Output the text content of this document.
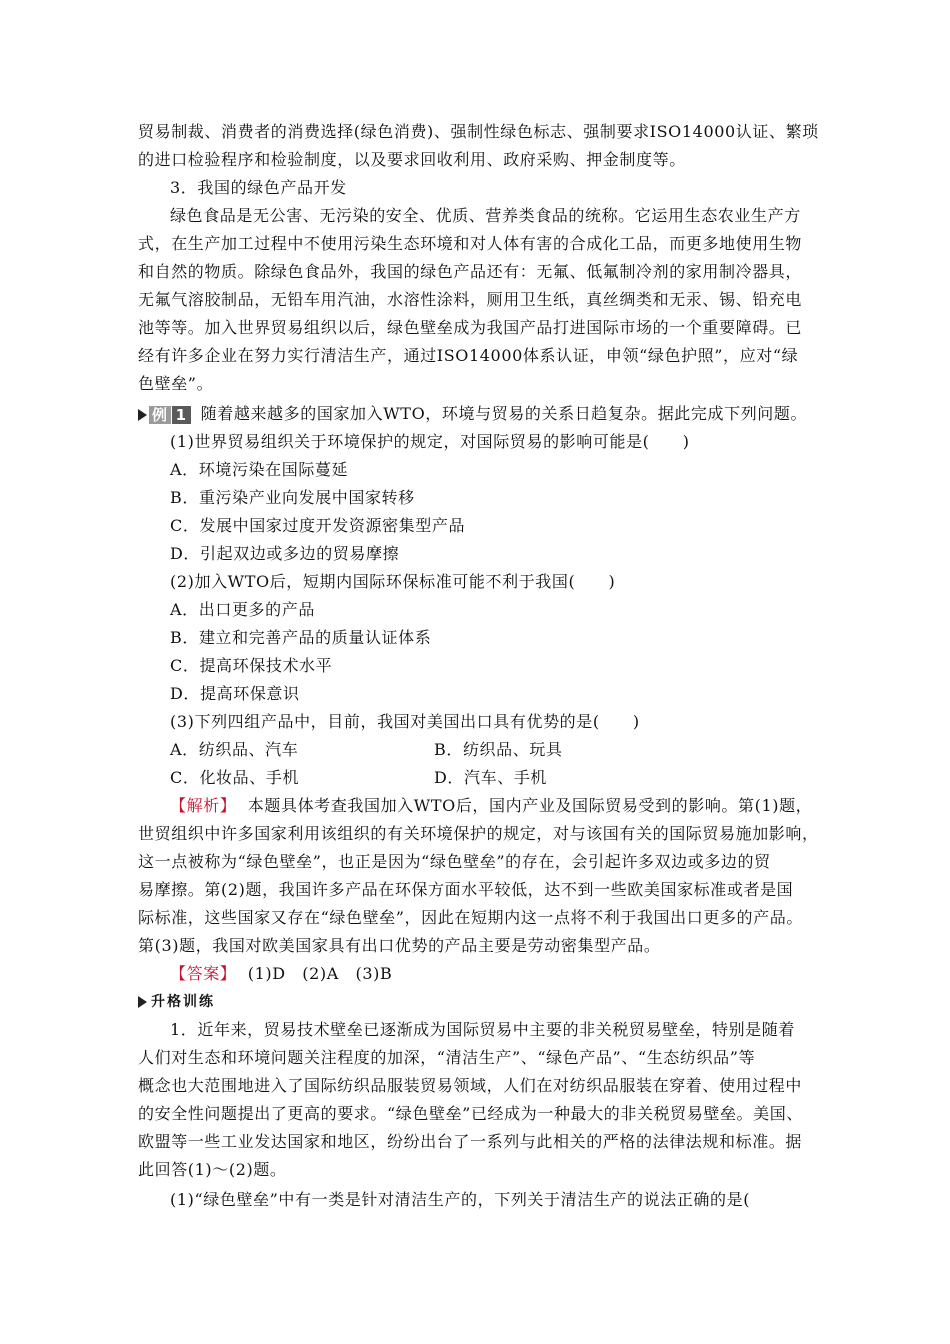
贸易制裁、消费者的消费选择(绿色消费)、强制性绿色标志、强制要求ISO14000认证、繁琐
的进口检验程序和检验制度，以及要求回收利用、政府采购、押金制度等。
3．我国的绿色产品开发
绿色食品是无公害、无污染的安全、优质、营养类食品的统称。它运用生态农业生产方
式，在生产加工过程中不使用污染生态环境和对人体有害的合成化工品，而更多地使用生物
和自然的物质。除绿色食品外，我国的绿色产品还有：无氟、低氟制冷剂的家用制冷器具，
无氟气溶胶制品，无铅车用汽油，水溶性涂料，厕用卫生纸，真丝绸类和无汞、锡、铅充电
池等等。加入世界贸易组织以后，绿色壁垒成为我国产品打进国际市场的一个重要障碍。已
经有许多企业在努力实行清洁生产，通过ISO14000体系认证，申领“绿色护照”，应对“绿
色壁垒”。
例 1 随着越来越多的国家加入WTO，环境与贸易的关系日趋复杂。据此完成下列问题。
(1)世界贸易组织关于环境保护的规定，对国际贸易的影响可能是(　　)
A．环境污染在国际蔓延
B．重污染产业向发展中国家转移
C．发展中国家过度开发资源密集型产品
D．引起双边或多边的贸易摩擦
(2)加入WTO后，短期内国际环保标准可能不利于我国(　　)
A．出口更多的产品
B．建立和完善产品的质量认证体系
C．提高环保技术水平
D．提高环保意识
(3)下列四组产品中，目前，我国对美国出口具有优势的是(　　)
A．纺织品、汽车	B．纺织品、玩具
C．化妆品、手机	D．汽车、手机
【解析】 本题具体考查我国加入WTO后，国内产业及国际贸易受到的影响。第(1)题，
世贸组织中许多国家利用该组织的有关环境保护的规定，对与该国有关的国际贸易施加影响，
这一点被称为“绿色壁垒”，也正是因为“绿色壁垒”的存在，会引起许多双边或多边的贸
易摩擦。第(2)题，我国许多产品在环保方面水平较低，达不到一些欧美国家标准或者是国
际标准，这些国家又存在“绿色壁垒”，因此在短期内这一点将不利于我国出口更多的产品。
第(3)题，我国对欧美国家具有出口优势的产品主要是劳动密集型产品。
【答案】 (1)D　(2)A　(3)B
升格训练
1．近年来，贸易技术壁垒已逐渐成为国际贸易中主要的非关税贸易壁垒，特别是随着
人们对生态和环境问题关注程度的加深，“清洁生产”、“绿色产品”、“生态纺织品”等
概念也大范围地进入了国际纺织品服装贸易领域，人们在对纺织品服装在穿着、使用过程中
的安全性问题提出了更高的要求。“绿色壁垒”已经成为一种最大的非关税贸易壁垒。美国、
欧盟等一些工业发达国家和地区，纷纷出台了一系列与此相关的严格的法律法规和标准。据
此回答(1)～(2)题。
(1)“绿色壁垒”中有一类是针对清洁生产的，下列关于清洁生产的说法正确的是(
